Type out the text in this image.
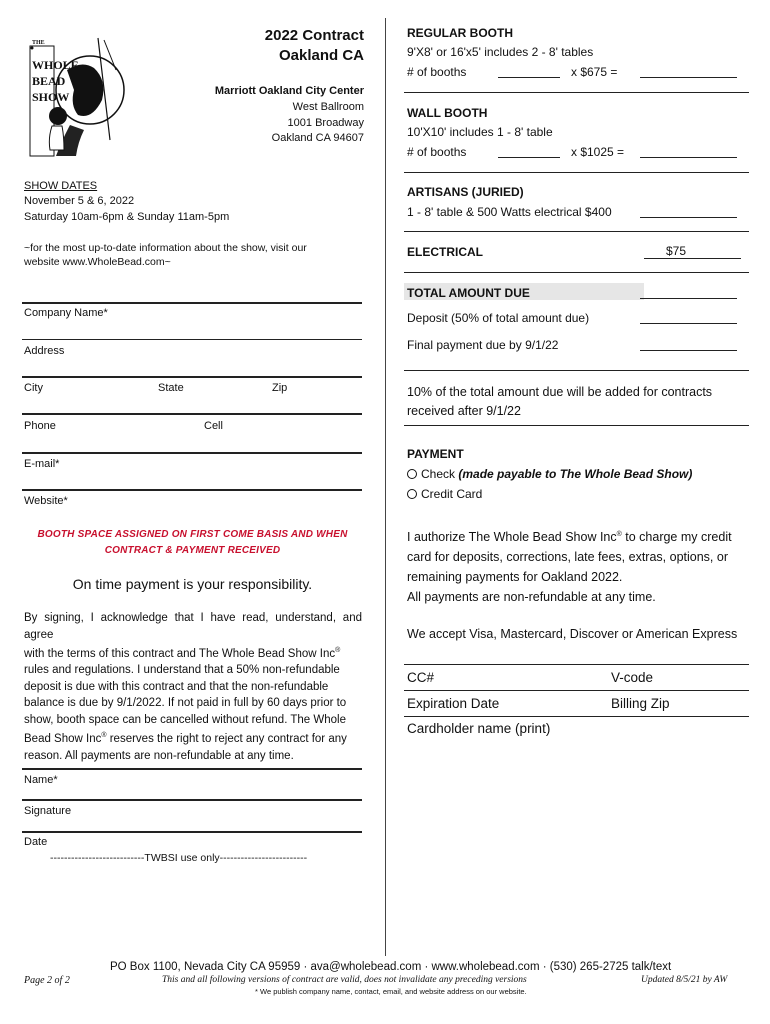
THE
WHOLE
BEAD
SHOW
2022 Contract
Oakland CA
Marriott Oakland City Center
West Ballroom
1001 Broadway
Oakland CA 94607
SHOW DATES
November 5 & 6, 2022
Saturday 10am-6pm & Sunday 11am-5pm
~for the most up-to-date information about the show, visit our
website www.WholeBead.com~
Company Name*
Address
City	State	Zip
Phone	Cell
E-mail*
Website*
BOOTH SPACE ASSIGNED ON FIRST COME BASIS AND WHEN
CONTRACT & PAYMENT RECEIVED
On time payment is your responsibility.
By signing, I acknowledge that I have read, understand, and agree
with the terms of this contract and The Whole Bead Show Inc®
rules and regulations. I understand that a 50% non-refundable
deposit is due with this contract and that the non-refundable
balance is due by 9/1/2022. If not paid in full by 60 days prior to
show, booth space can be cancelled without refund. The Whole
Bead Show Inc® reserves the right to reject any contract for any
reason. All payments are non-refundable at any time.
Name*
Signature
Date
---------------------------TWBSI use only-------------------------
REGULAR BOOTH
9'X8' or 16'x5' includes 2 - 8' tables
# of booths	x $675 =
WALL BOOTH
10'X10' includes 1 - 8' table
# of booths	x $1025 =
ARTISANS (JURIED)
1 - 8' table & 500 Watts electrical $400
ELECTRICAL	$75
TOTAL AMOUNT DUE
Deposit (50% of total amount due)
Final payment due by 9/1/22
10% of the total amount due will be added for contracts
received after 9/1/22
PAYMENT
Check (made payable to The Whole Bead Show)
Credit Card
I authorize The Whole Bead Show Inc® to charge my credit
card for deposits, corrections, late fees, extras, options, or
remaining payments for Oakland 2022.
All payments are non-refundable at any time.
We accept Visa, Mastercard, Discover or American Express
CC#	V-code
Expiration Date	Billing Zip
Cardholder name (print)
Page 2 of 2
PO Box 1100, Nevada City CA 95959 · ava@wholebead.com · www.wholebead.com · (530) 265-2725 talk/text
This and all following versions of contract are valid, does not invalidate any preceding versions	Updated 8/5/21 by AW
* We publish company name, contact, email, and website address on our website.
